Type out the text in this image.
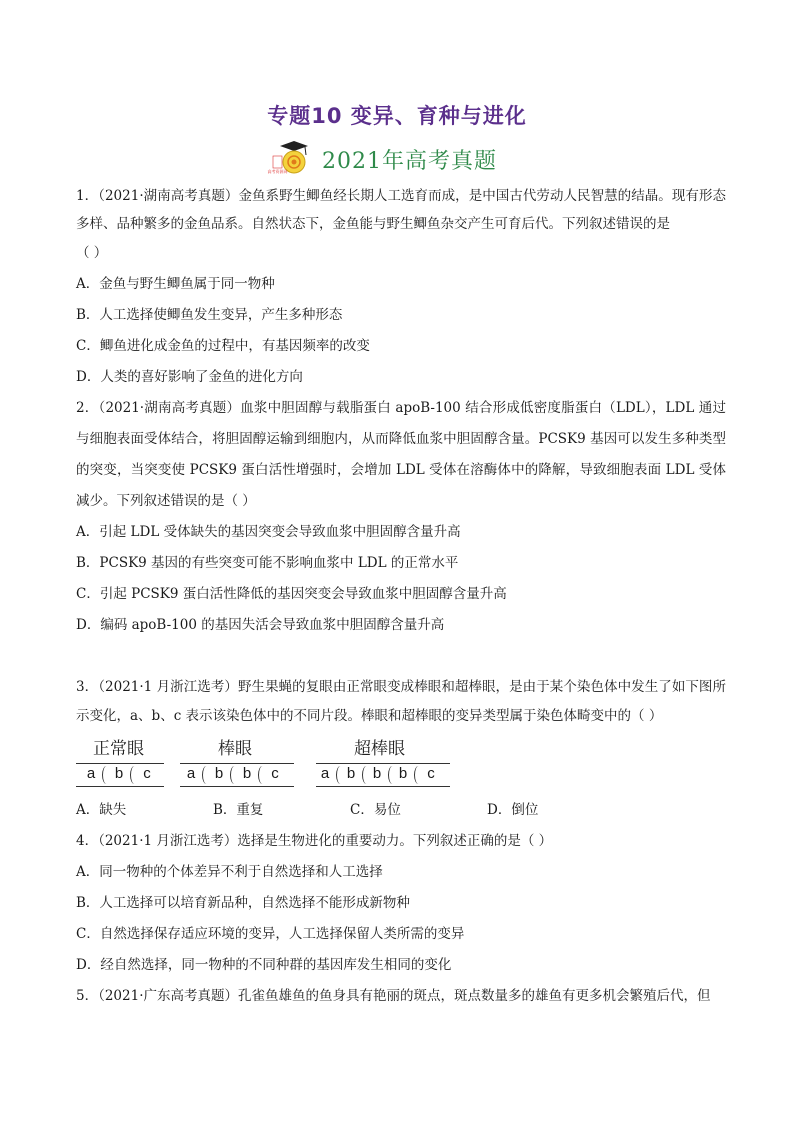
专题10 变异、育种与进化
高考资源网 2021年高考真题

1．（2021·湖南高考真题）金鱼系野生鲫鱼经长期人工选育而成，是中国古代劳动人民智慧的结晶。现有形态多样、品种繁多的金鱼品系。自然状态下，金鱼能与野生鲫鱼杂交产生可育后代。下列叙述错误的是

（ ）

A．金鱼与野生鲫鱼属于同一物种

B．人工选择使鲫鱼发生变异，产生多种形态

C．鲫鱼进化成金鱼的过程中，有基因频率的改变

D．人类的喜好影响了金鱼的进化方向

2．（2021·湖南高考真题）血浆中胆固醇与载脂蛋白 apoB-100 结合形成低密度脂蛋白（LDL），LDL 通过与细胞表面受体结合，将胆固醇运输到细胞内，从而降低血浆中胆固醇含量。PCSK9 基因可以发生多种类型的突变，当突变使 PCSK9 蛋白活性增强时，会增加 LDL 受体在溶酶体中的降解，导致细胞表面 LDL 受体减少。下列叙述错误的是（ ）

A．引起 LDL 受体缺失的基因突变会导致血浆中胆固醇含量升高

B．PCSK9 基因的有些突变可能不影响血浆中 LDL 的正常水平

C．引起 PCSK9 蛋白活性降低的基因突变会导致血浆中胆固醇含量升高

D．编码 apoB-100 的基因失活会导致血浆中胆固醇含量升高

3．（2021·1 月浙江选考）野生果蝇的复眼由正常眼变成棒眼和超棒眼，是由于某个染色体中发生了如下图所示变化，a、b、c 表示该染色体中的不同片段。棒眼和超棒眼的变异类型属于染色体畸变中的（ ）

正常眼	棒眼	超棒眼
a b c a b b c	a b b b c
A．缺失	B．重复	C．易位	D．倒位

4．（2021·1 月浙江选考）选择是生物进化的重要动力。下列叙述正确的是（ ）

A．同一物种的个体差异不利于自然选择和人工选择

B．人工选择可以培育新品种，自然选择不能形成新物种

C．自然选择保存适应环境的变异，人工选择保留人类所需的变异

D．经自然选择，同一物种的不同种群的基因库发生相同的变化

5．（2021·广东高考真题）孔雀鱼雄鱼的鱼身具有艳丽的斑点，斑点数量多的雄鱼有更多机会繁殖后代，但
